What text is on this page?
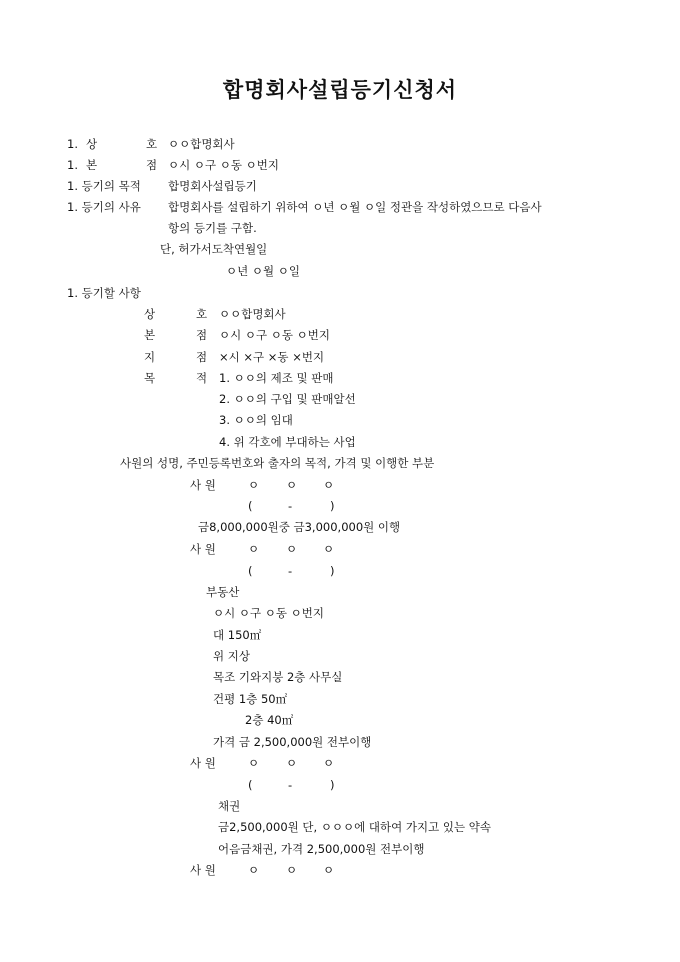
합명회사설립등기신청서
1. 상	호 ㅇㅇ합명회사
1. 본	점 ㅇ시 ㅇ구 ㅇ동 ㅇ번지
1. 등기의 목적 합명회사설립등기
1. 등기의 사유 합명회사를 설립하기 위하여 ㅇ년 ㅇ월 ㅇ일 정관을 작성하였으므로 다음사
항의 등기를 구함.
단, 허가서도착연월일
ㅇ년 ㅇ월 ㅇ일
1. 등기할 사항
상	호 ㅇㅇ합명회사
본	점 ㅇ시 ㅇ구 ㅇ동 ㅇ번지
지	점 ×시 ×구 ×동 ×번지
목	적 1. ㅇㅇ의 제조 및 판매
2. ㅇㅇ의 구입 및 판매알선
3. ㅇㅇ의 임대
4. 위 각호에 부대하는 사업
사원의 성명, 주민등록번호와 출자의 목적, 가격 및 이행한 부분
사 원	ㅇ ㅇ ㅇ
(	-	)
금8,000,000원중 금3,000,000원 이행
사 원	ㅇ ㅇ ㅇ
(	-	)
부동산
ㅇ시 ㅇ구 ㅇ동 ㅇ번지
대 150㎡
위 지상
목조 기와지붕 2층 사무실
건평 1층 50㎡
2층 40㎡
가격 금 2,500,000원 전부이행
사 원	ㅇ ㅇ ㅇ
(	-	)
채권
금2,500,000원 단, ㅇㅇㅇ에 대하여 가지고 있는 약속
어음금채권, 가격 2,500,000원 전부이행
사 원	ㅇ ㅇ ㅇ
